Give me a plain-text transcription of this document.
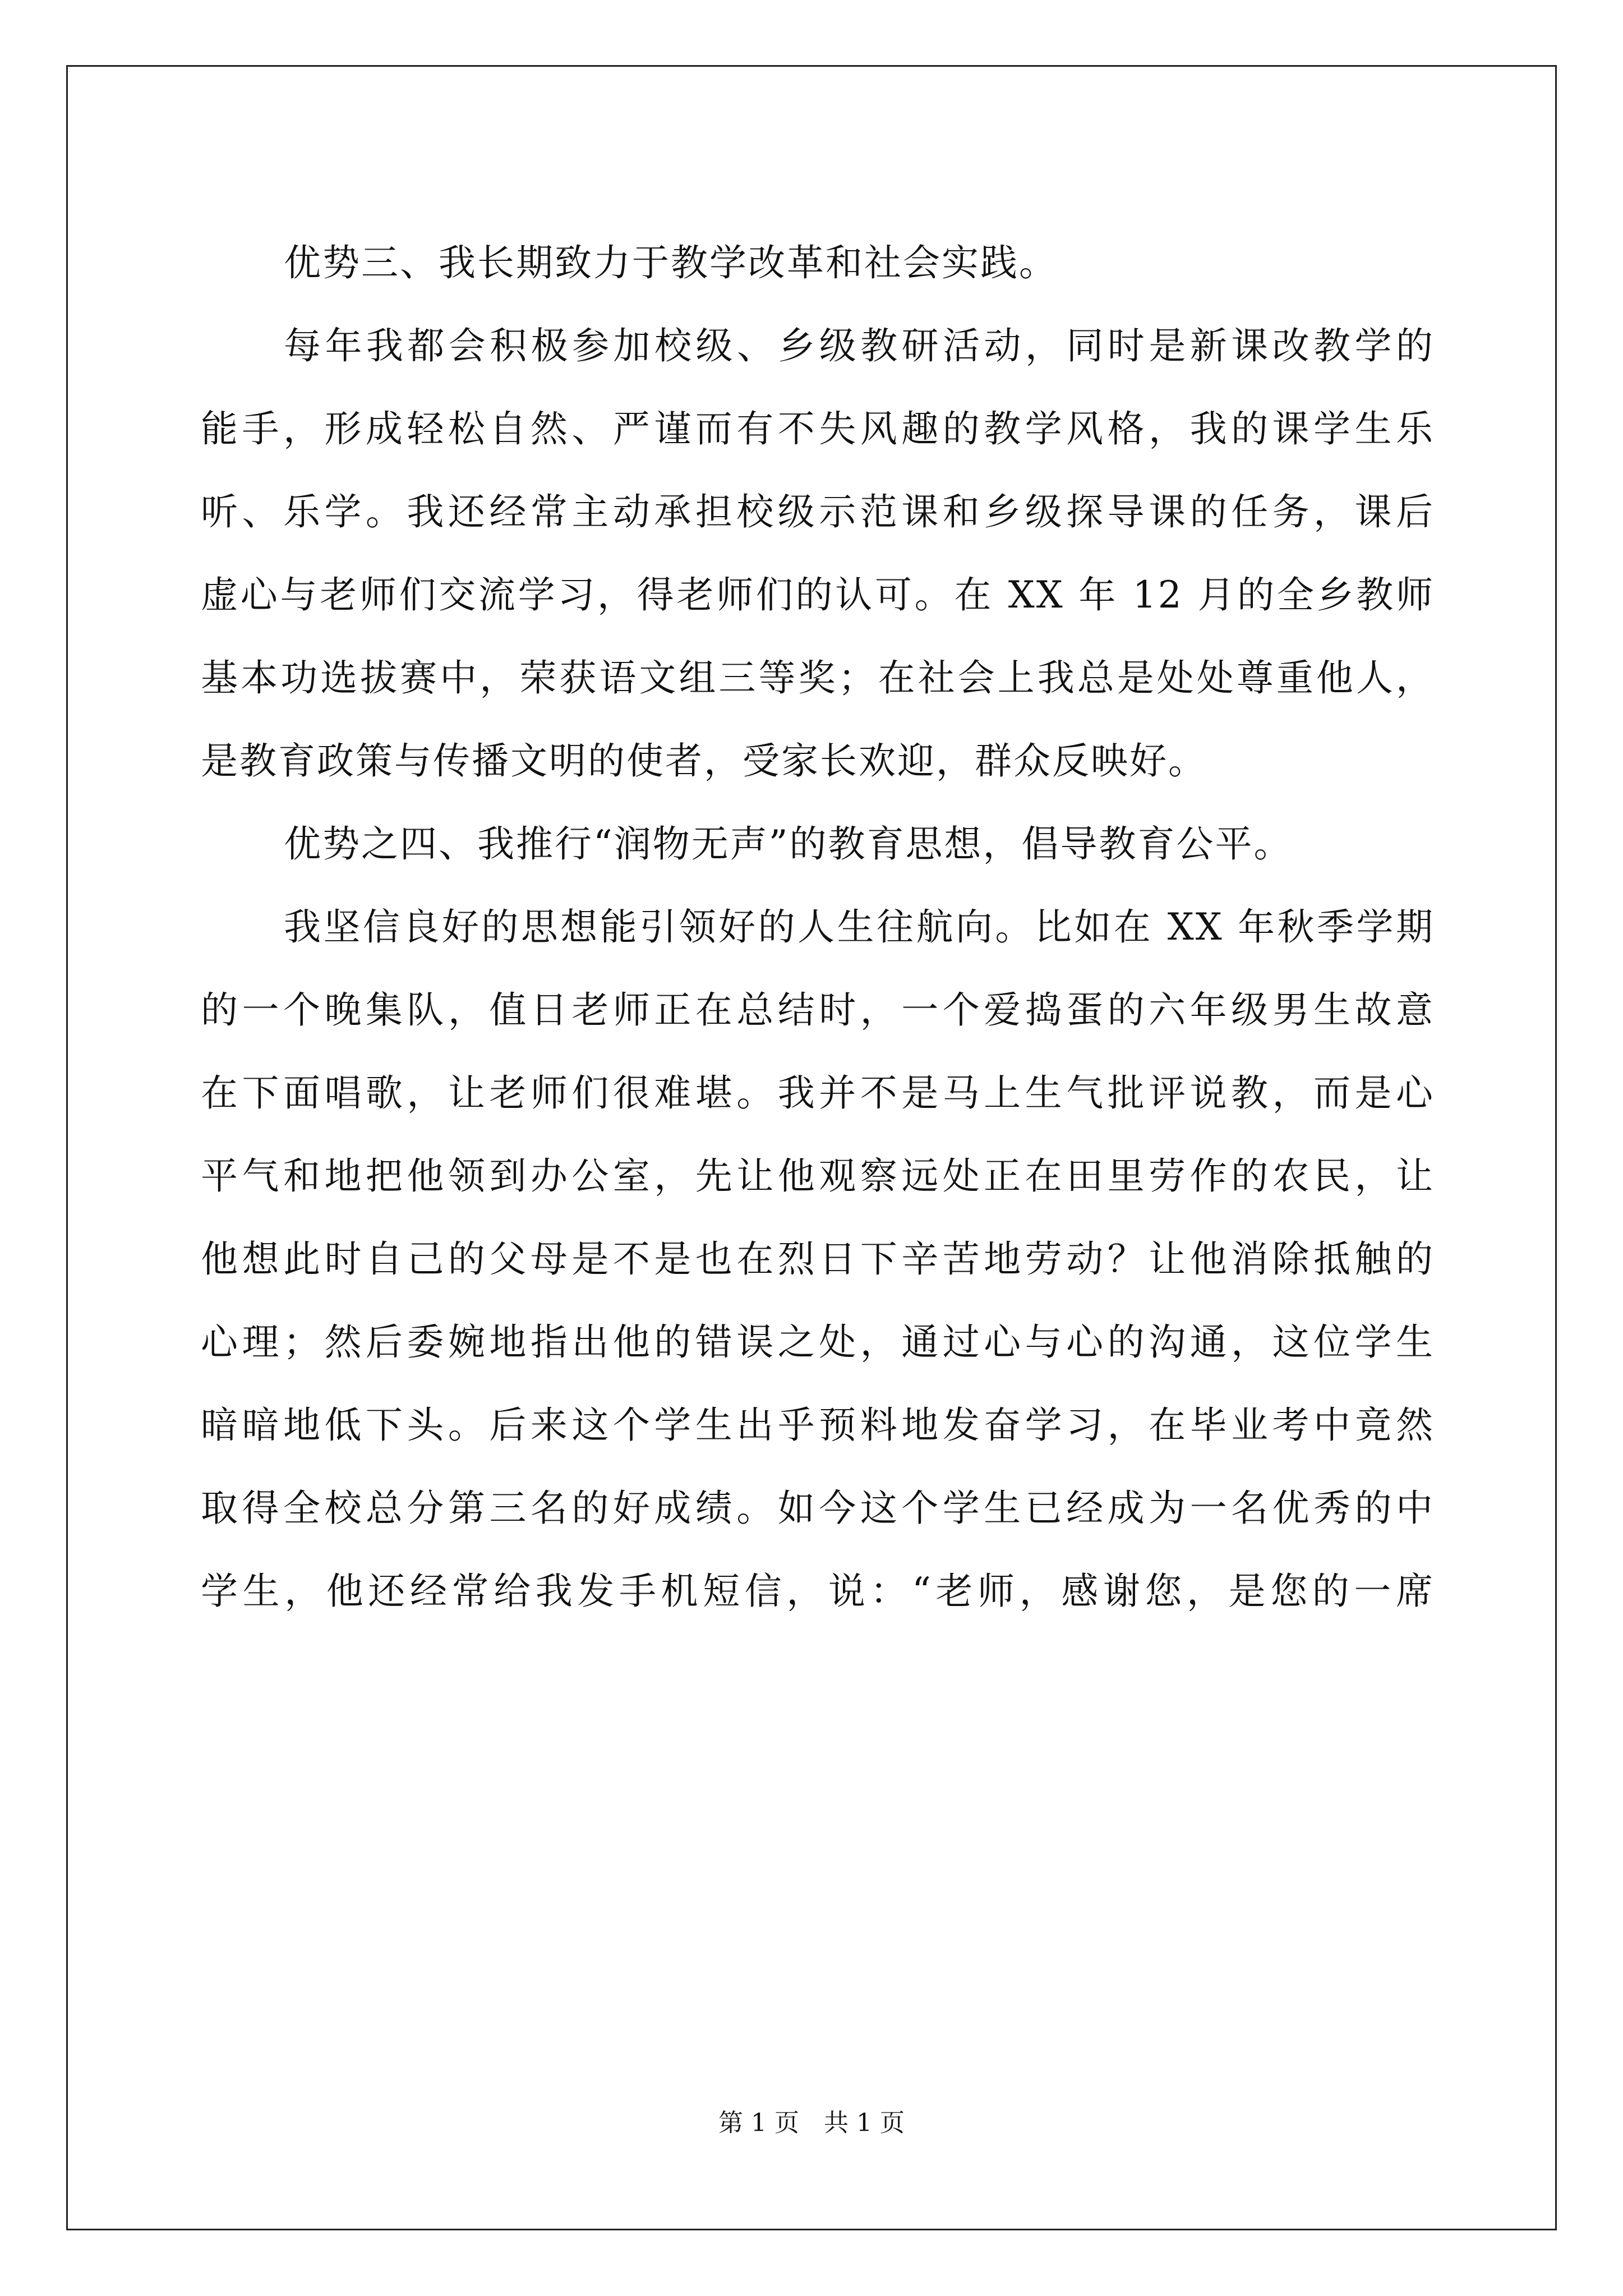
优势三、我长期致力于教学改革和社会实践。
每年我都会积极参加校级、乡级教研活动，同时是新课改教学的
能手，形成轻松自然、严谨而有不失风趣的教学风格，我的课学生乐
听、乐学。我还经常主动承担校级示范课和乡级探导课的任务，课后
虚心与老师们交流学习，得老师们的认可。在 XX 年 12 月的全乡教师
基本功选拔赛中，荣获语文组三等奖；在社会上我总是处处尊重他人，
是教育政策与传播文明的使者，受家长欢迎，群众反映好。
优势之四、我推行“润物无声”的教育思想，倡导教育公平。
我坚信良好的思想能引领好的人生往航向。比如在 XX 年秋季学期
的一个晚集队，值日老师正在总结时，一个爱捣蛋的六年级男生故意
在下面唱歌，让老师们很难堪。我并不是马上生气批评说教，而是心
平气和地把他领到办公室，先让他观察远处正在田里劳作的农民，让
他想此时自己的父母是不是也在烈日下辛苦地劳动？让他消除抵触的
心理；然后委婉地指出他的错误之处，通过心与心的沟通，这位学生
暗暗地低下头。后来这个学生出乎预料地发奋学习，在毕业考中竟然
取得全校总分第三名的好成绩。如今这个学生已经成为一名优秀的中
学生，他还经常给我发手机短信，说：“老师，感谢您，是您的一席
第 1 页　共 1 页
